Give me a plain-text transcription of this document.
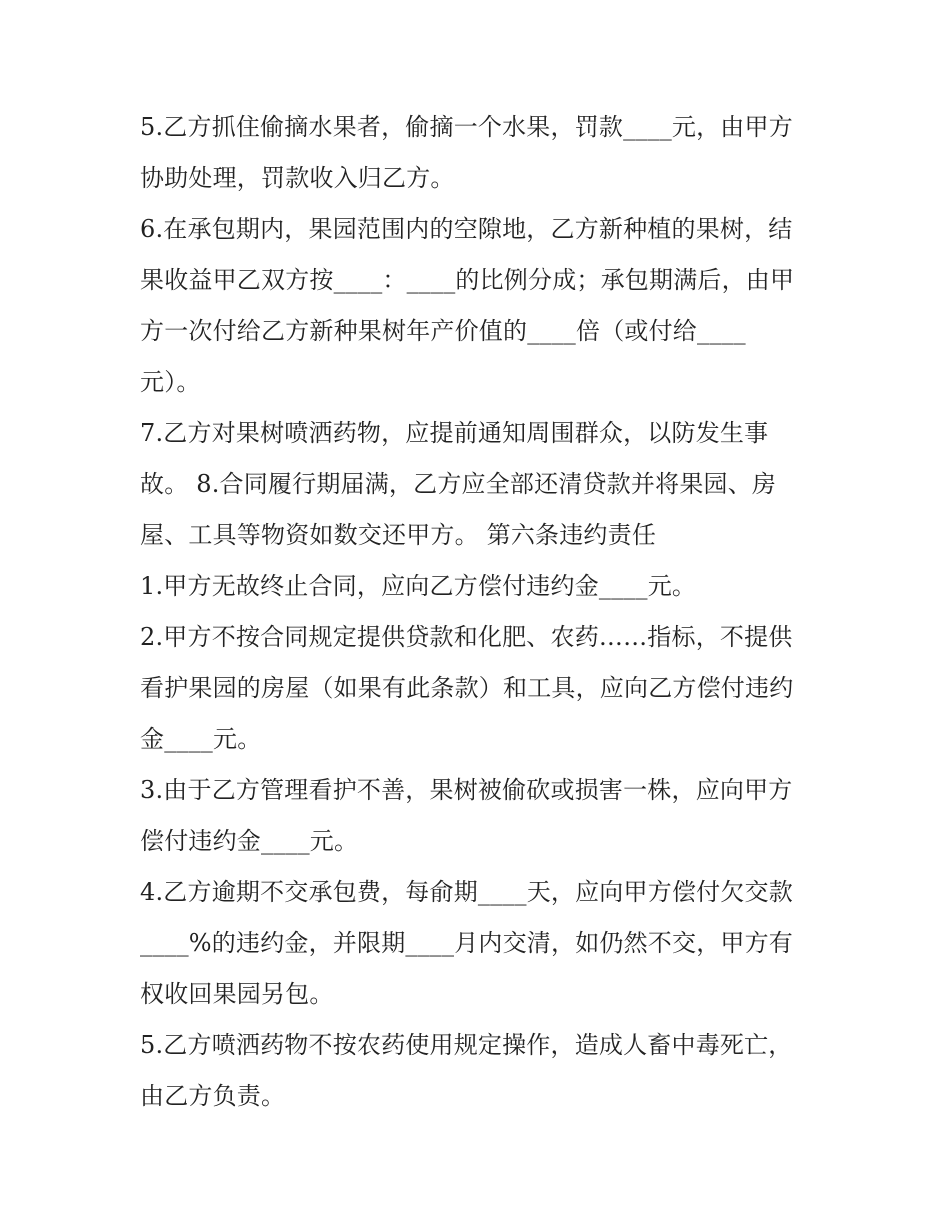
5.乙方抓住偷摘水果者，偷摘一个水果，罚款____元，由甲方
协助处理，罚款收入归乙方。
6.在承包期内，果园范围内的空隙地，乙方新种植的果树，结
果收益甲乙双方按____：____的比例分成；承包期满后，由甲
方一次付给乙方新种果树年产价值的____倍（或付给____
元）。
7.乙方对果树喷洒药物，应提前通知周围群众，以防发生事
故。 8.合同履行期届满，乙方应全部还清贷款并将果园、房
屋、工具等物资如数交还甲方。 第六条违约责任
1.甲方无故终止合同，应向乙方偿付违约金____元。
2.甲方不按合同规定提供贷款和化肥、农药……指标，不提供
看护果园的房屋（如果有此条款）和工具，应向乙方偿付违约
金____元。
3.由于乙方管理看护不善，果树被偷砍或损害一株，应向甲方
偿付违约金____元。
4.乙方逾期不交承包费，每俞期____天，应向甲方偿付欠交款
____%的违约金，并限期____月内交清，如仍然不交，甲方有
权收回果园另包。
5.乙方喷洒药物不按农药使用规定操作，造成人畜中毒死亡，
由乙方负责。
